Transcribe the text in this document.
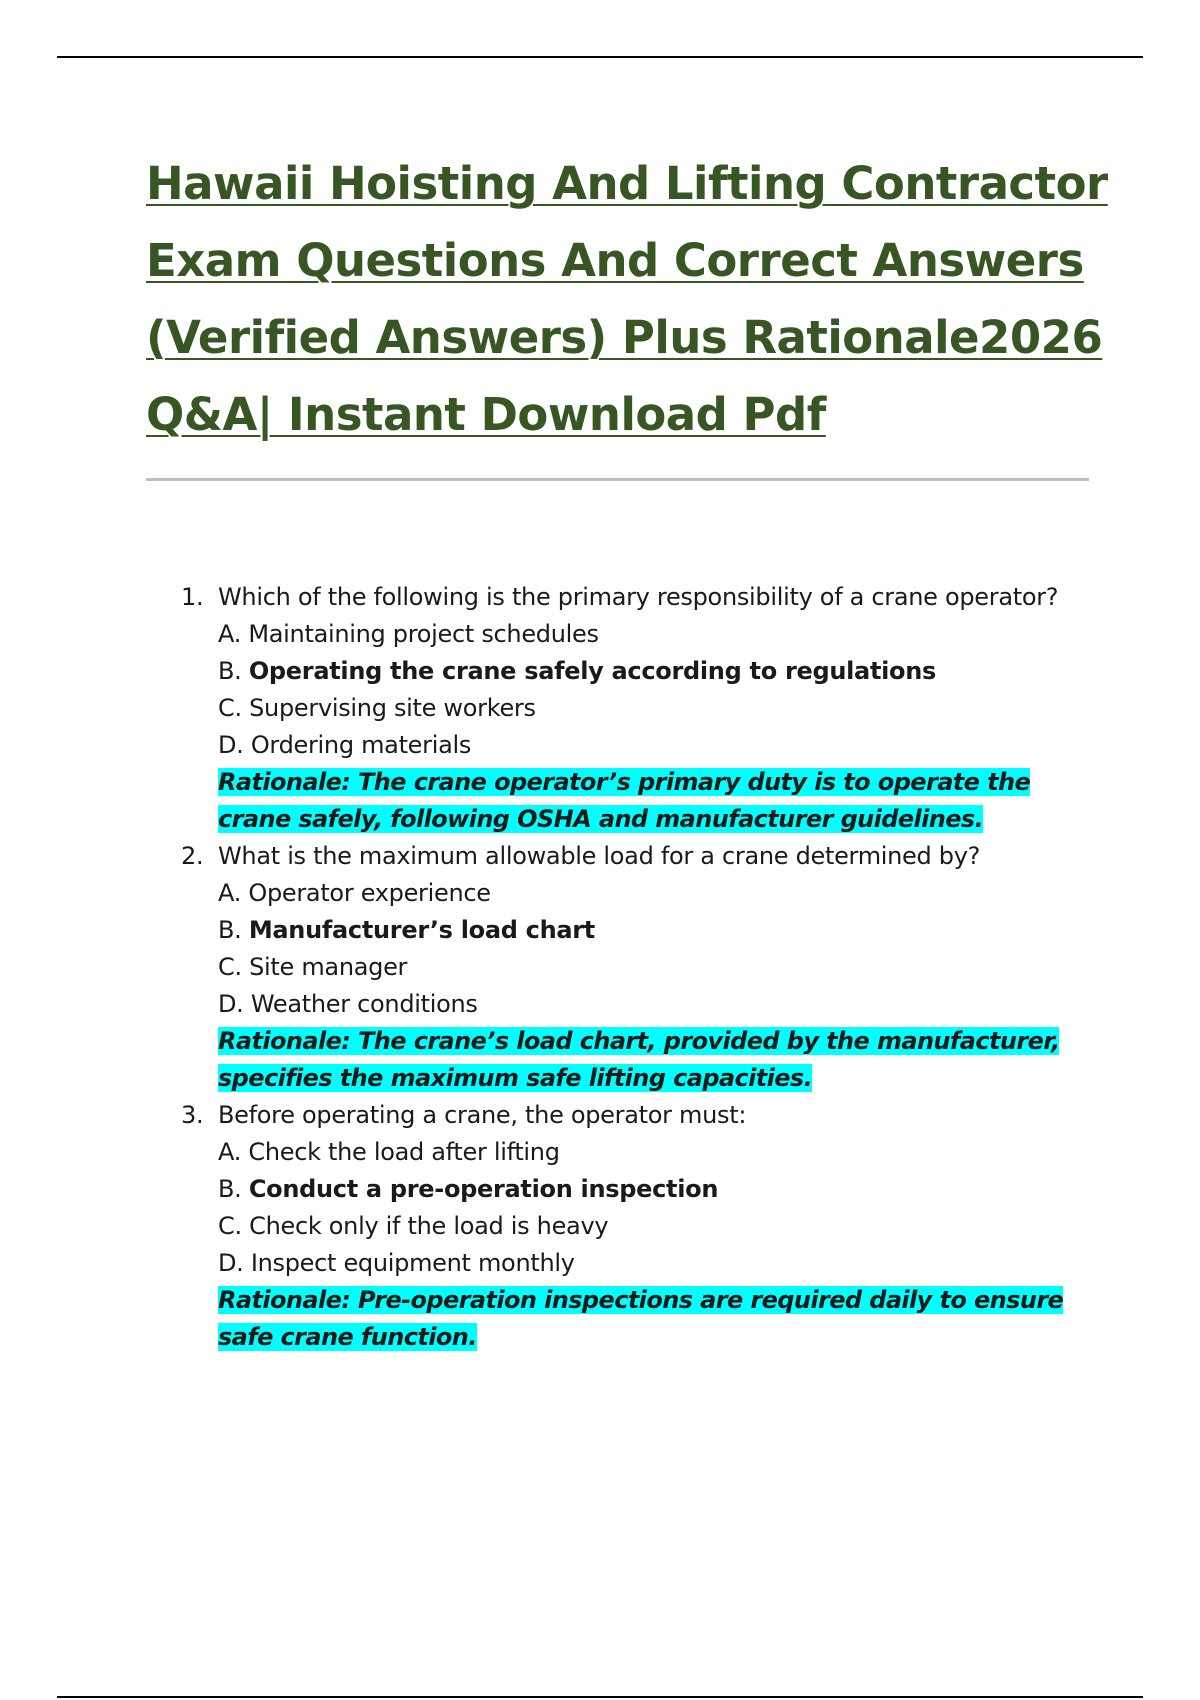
Hawaii Hoisting And Lifting Contractor
Exam Questions And Correct Answers
(Verified Answers) Plus Rationale2026
Q&A| Instant Download Pdf
1. Which of the following is the primary responsibility of a crane operator?
A. Maintaining project schedules
B. Operating the crane safely according to regulations
C. Supervising site workers
D. Ordering materials
Rationale: The crane operator’s primary duty is to operate the crane safely, following OSHA and manufacturer guidelines.
2. What is the maximum allowable load for a crane determined by?
A. Operator experience
B. Manufacturer’s load chart
C. Site manager
D. Weather conditions
Rationale: The crane’s load chart, provided by the manufacturer, specifies the maximum safe lifting capacities.
3. Before operating a crane, the operator must:
A. Check the load after lifting
B. Conduct a pre-operation inspection
C. Check only if the load is heavy
D. Inspect equipment monthly
Rationale: Pre-operation inspections are required daily to ensure safe crane function.
